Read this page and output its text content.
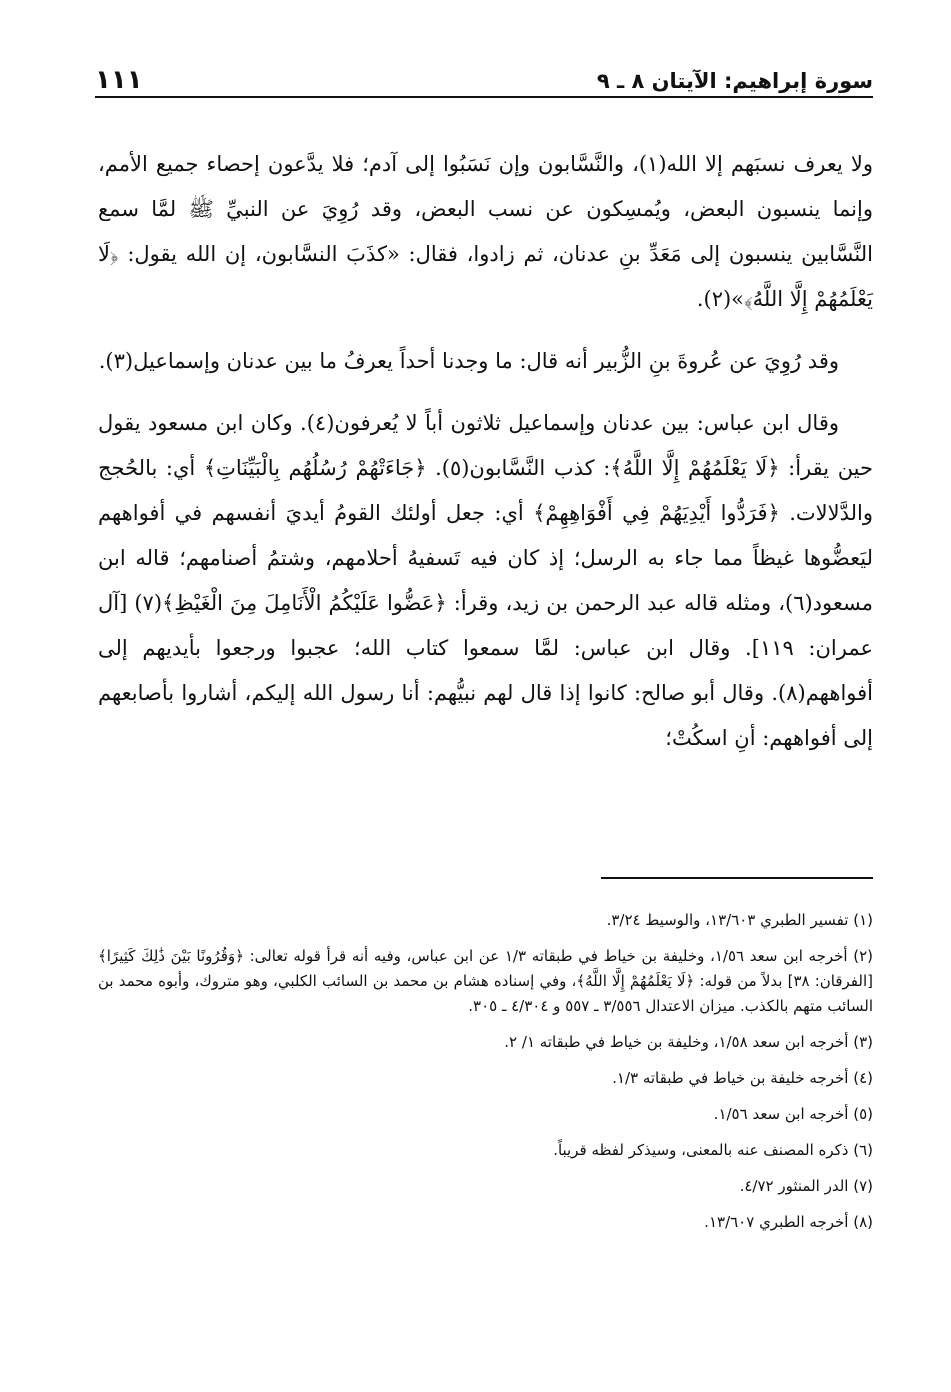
سورة إبراهيم: الآيتان ٨ ـ ٩
١١١

ولا يعرف نسبَهم إلا الله(١)، والنَّسَّابون وإن نَسَبُوا إلى آدم؛ فلا يدَّعون إحصاء جميع الأمم، وإنما ينسبون البعض، ويُمسِكون عن نسب البعض، وقد رُوِيَ عن النبيِّ ﷺ لمَّا سمع النَّسَّابين ينسبون إلى مَعَدِّ بنِ عدنان، ثم زادوا، فقال: «كذَبَ النسَّابون، إن الله يقول: ﴿لَا يَعْلَمُهُمْ إِلَّا اللَّهُ﴾»(٢).

وقد رُوِيَ عن عُروةَ بنِ الزُّبير أنه قال: ما وجدنا أحداً يعرفُ ما بين عدنان وإسماعيل(٣).

وقال ابن عباس: بين عدنان وإسماعيل ثلاثون أباً لا يُعرفون(٤). وكان ابن مسعود يقول حين يقرأ: ﴿لَا يَعْلَمُهُمْ إِلَّا اللَّهُ﴾: كذب النَّسَّابون(٥). ﴿جَاءَتْهُمْ رُسُلُهُم بِالْبَيِّنَاتِ﴾ أي: بالحُجج والدَّلالات. ﴿فَرَدُّوا أَيْدِيَهُمْ فِي أَفْوَاهِهِمْ﴾ أي: جعل أولئك القومُ أيديَ أنفسهم في أفواههم ليَعضُّوها غيظاً مما جاء به الرسل؛ إذ كان فيه تَسفيهُ أحلامهم، وشتمُ أصنامهم؛ قاله ابن مسعود(٦)، ومثله قاله عبد الرحمن بن زيد، وقرأ: ﴿عَضُّوا عَلَيْكُمُ الْأَنَامِلَ مِنَ الْغَيْظِ﴾(٧) [آل عمران: ١١٩]. وقال ابن عباس: لمَّا سمعوا كتاب الله؛ عجبوا ورجعوا بأيديهم إلى أفواههم(٨). وقال أبو صالح: كانوا إذا قال لهم نبيُّهم: أنا رسول الله إليكم، أشاروا بأصابعهم إلى أفواههم: أنِ اسكُتْ؛

(١) تفسير الطبري ١٣/٦٠٣، والوسيط ٣/٢٤.

(٢) أخرجه ابن سعد ١/٥٦، وخليفة بن خياط في طبقاته ١/٣ عن ابن عباس، وفيه أنه قرأ قوله تعالى: ﴿وَقُرُونًا بَيْنَ ذَٰلِكَ كَثِيرًا﴾ [الفرقان: ٣٨] بدلاً من قوله: ﴿لَا يَعْلَمُهُمْ إِلَّا اللَّهُ﴾، وفي إسناده هشام بن محمد بن السائب الكلبي، وهو متروك، وأبوه محمد بن السائب متهم بالكذب. ميزان الاعتدال ٣/٥٥٦ ـ ٥٥٧ و ٤/٣٠٤ ـ ٣٠٥.

(٣) أخرجه ابن سعد ١/٥٨، وخليفة بن خياط في طبقاته ١/ ٢.

(٤) أخرجه خليفة بن خياط في طبقاته ١/٣.

(٥) أخرجه ابن سعد ١/٥٦.

(٦) ذكره المصنف عنه بالمعنى، وسيذكر لفظه قريباً.

(٧) الدر المنثور ٤/٧٢.

(٨) أخرجه الطبري ١٣/٦٠٧.
